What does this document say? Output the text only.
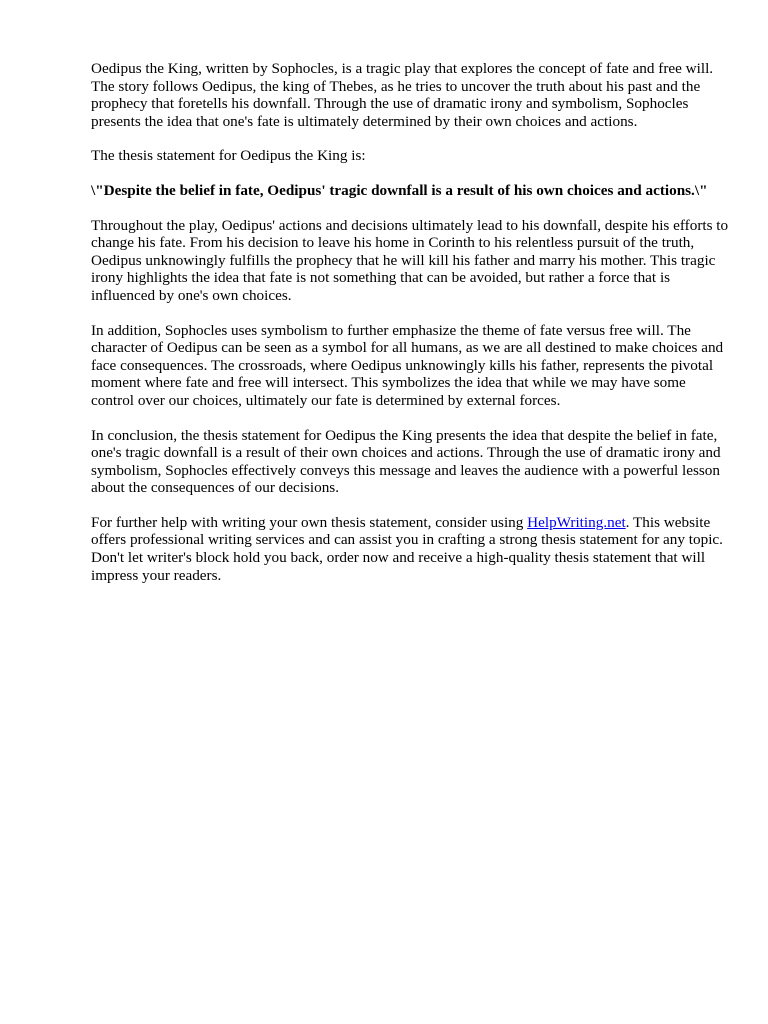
Oedipus the King, written by Sophocles, is a tragic play that explores the concept of fate and free will. The story follows Oedipus, the king of Thebes, as he tries to uncover the truth about his past and the prophecy that foretells his downfall. Through the use of dramatic irony and symbolism, Sophocles presents the idea that one's fate is ultimately determined by their own choices and actions.

The thesis statement for Oedipus the King is:

\"Despite the belief in fate, Oedipus' tragic downfall is a result of his own choices and actions.\"

Throughout the play, Oedipus' actions and decisions ultimately lead to his downfall, despite his efforts to change his fate. From his decision to leave his home in Corinth to his relentless pursuit of the truth, Oedipus unknowingly fulfills the prophecy that he will kill his father and marry his mother. This tragic irony highlights the idea that fate is not something that can be avoided, but rather a force that is influenced by one's own choices.

In addition, Sophocles uses symbolism to further emphasize the theme of fate versus free will. The character of Oedipus can be seen as a symbol for all humans, as we are all destined to make choices and face consequences. The crossroads, where Oedipus unknowingly kills his father, represents the pivotal moment where fate and free will intersect. This symbolizes the idea that while we may have some control over our choices, ultimately our fate is determined by external forces.

In conclusion, the thesis statement for Oedipus the King presents the idea that despite the belief in fate, one's tragic downfall is a result of their own choices and actions. Through the use of dramatic irony and symbolism, Sophocles effectively conveys this message and leaves the audience with a powerful lesson about the consequences of our decisions.

For further help with writing your own thesis statement, consider using HelpWriting.net. This website offers professional writing services and can assist you in crafting a strong thesis statement for any topic. Don't let writer's block hold you back, order now and receive a high-quality thesis statement that will impress your readers.
